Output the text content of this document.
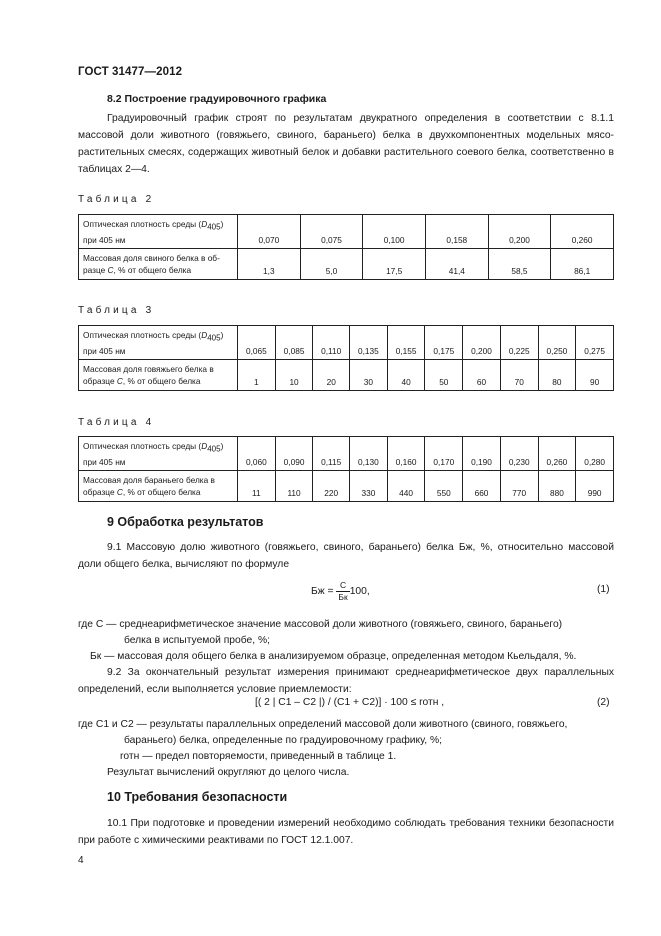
ГОСТ 31477—2012
8.2 Построение градуировочного графика
Градуировочный график строят по результатам двукратного определения в соответствии с 8.1.1 массовой доли животного (говяжьего, свиного, бараньего) белка в двухкомпонентных модельных мясо-растительных смесях, содержащих животный белок и добавки растительного соевого белка, соответственно в таблицах 2—4.
Таблица 2
Оптическая плотность среды $(D_{405})$
при 405 нм	0,070	0,075	0,100	0,158	0,200	0,260
Массовая доля свиного белка в об-
разце С, % от общего белка	1,3	5,0	17,5	41,4	58,5	86,1
Таблица 3
Оптическая плотность среды $(D_{405})$
при 405 нм	0,065	0,085	0,110	0,135	0,155	0,175	0,200	0,225	0,250	0,275
Массовая доля говяжьего белка в
образце С, % от общего белка	1	10	20	30	40	50	60	70	80	90
Таблица 4
Оптическая плотность среды $(D_{405})$
при 405 нм	0,060	0,090	0,115	0,130	0,160	0,170	0,190	0,230	0,260	0,280
Массовая доля бараньего белка в
образце С, % от общего белка	11	110	220	330	440	550	660	770	880	990
9 Обработка результатов
9.1 Массовую долю животного (говяжьего, свиного, бараньего) белка Бж, %, относительно массовой доли общего белка, вычисляют по формуле
Бж = $\frac{C}{Бк} 100$,	(1)
где C — среднеарифметическое значение массовой доли животного (говяжьего, свиного, бараньего)
белка в испытуемой пробе, %;
Бк — массовая доля общего белка в анализируемом образце, определенная методом Кьельдаля, %.
9.2 За окончательный результат измерения принимают среднеарифметическое двух параллельных определений, если выполняется условие приемлемости:
[( 2 | C1 – C2 |) / (C1 + C2)] · 100 ≤ rотн ,	(2)
где C1 и C2 — результаты параллельных определений массовой доли животного (свиного, говяжьего,
бараньего) белка, определенные по градуировочному графику, %;
rотн — предел повторяемости, приведенный в таблице 1.
Результат вычислений округляют до целого числа.
10 Требования безопасности
10.1 При подготовке и проведении измерений необходимо соблюдать требования техники безопасности при работе с химическими реактивами по ГОСТ 12.1.007.
4
